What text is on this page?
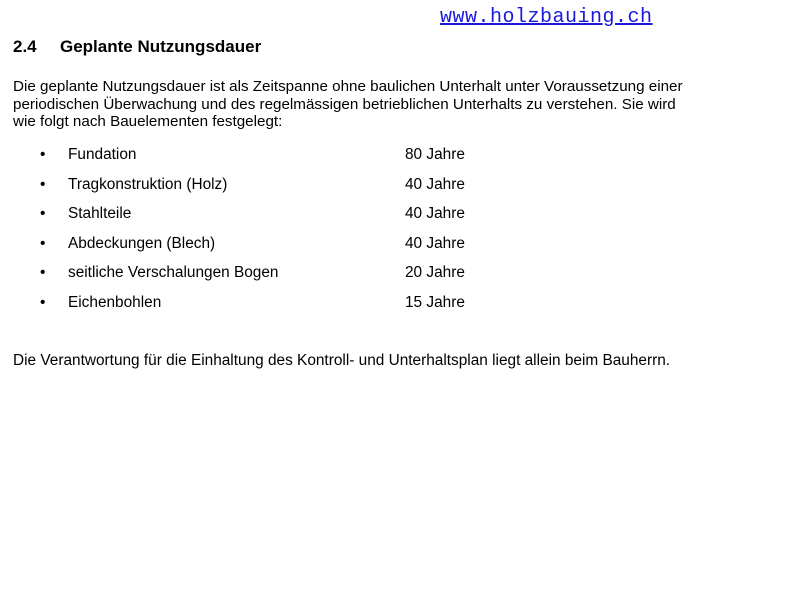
www.holzbauing.ch
2.4 Geplante Nutzungsdauer
Die geplante Nutzungsdauer ist als Zeitspanne ohne baulichen Unterhalt unter Voraussetzung einer
periodischen Überwachung und des regelmässigen betrieblichen Unterhalts zu verstehen. Sie wird
wie folgt nach Bauelementen festgelegt:
• Fundation	80 Jahre
• Tragkonstruktion (Holz)	40 Jahre
• Stahlteile	40 Jahre
• Abdeckungen (Blech)	40 Jahre
• seitliche Verschalungen Bogen	20 Jahre
• Eichenbohlen	15 Jahre
Die Verantwortung für die Einhaltung des Kontroll- und Unterhaltsplan liegt allein beim Bauherrn.
